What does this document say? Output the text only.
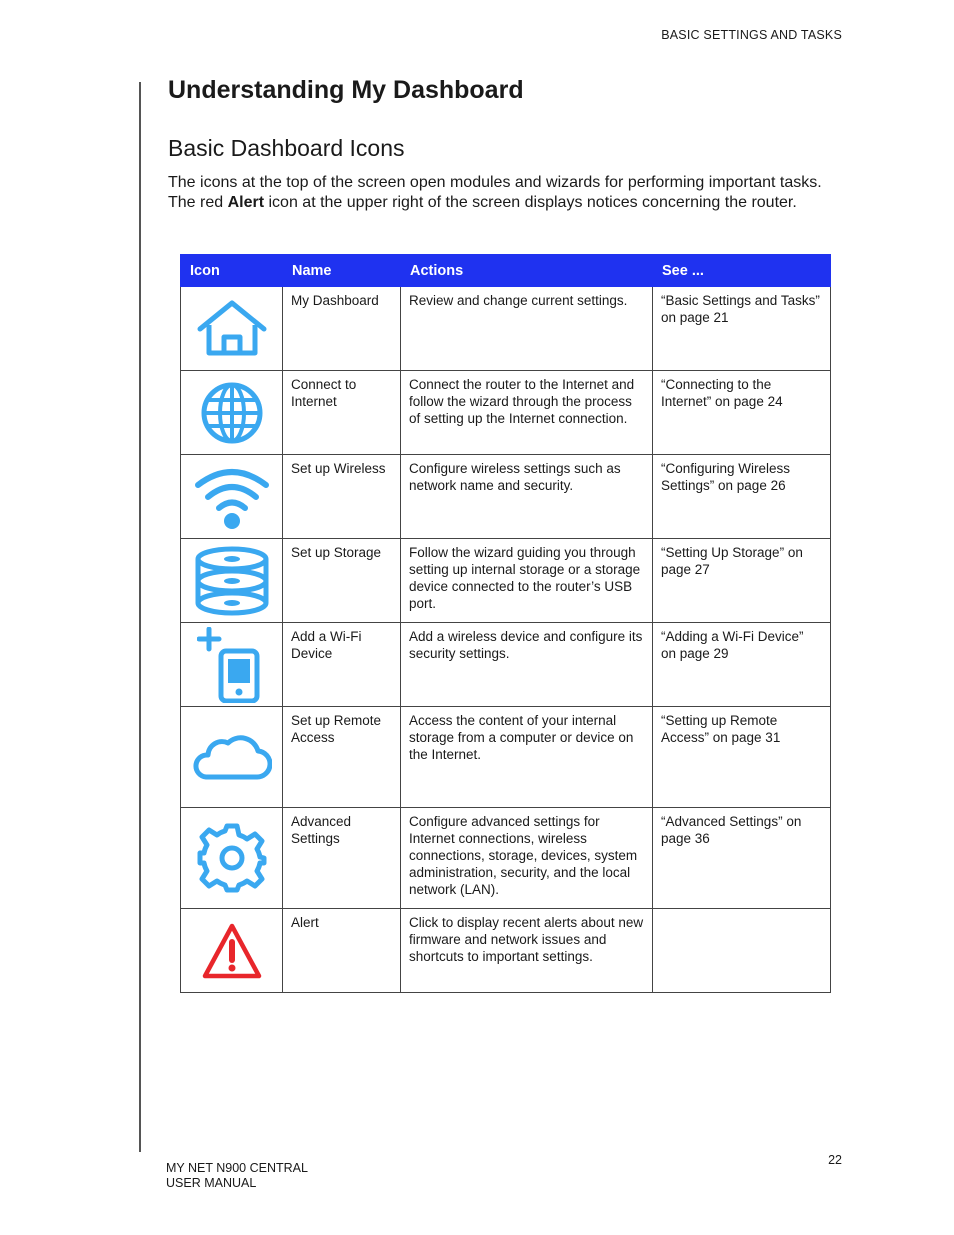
BASIC SETTINGS AND TASKS
Understanding My Dashboard
Basic Dashboard Icons

The icons at the top of the screen open modules and wizards for performing important tasks. The red Alert icon at the upper right of the screen displays notices concerning the router.

Icon	Name	Actions	See ...

	My Dashboard	Review and change current settings.	“Basic Settings and Tasks” on page 21

	Connect to Internet	Connect the router to the Internet and follow the wizard through the process of setting up the Internet connection.	“Connecting to the Internet” on page 24

	Set up Wireless	Configure wireless settings such as network name and security.	“Configuring Wireless Settings” on page 26

	Set up Storage	Follow the wizard guiding you through setting up internal storage or a storage device connected to the router’s USB port.	“Setting Up Storage” on page 27

	Add a Wi-Fi Device	Add a wireless device and configure its security settings.	“Adding a Wi-Fi Device” on page 29

	Set up Remote Access	Access the content of your internal storage from a computer or device on the Internet.	“Setting up Remote Access” on page 31

	Advanced Settings	Configure advanced settings for Internet connections, wireless connections, storage, devices, system administration, security, and the local network (LAN).	“Advanced Settings” on page 36

	Alert	Click to display recent alerts about new firmware and network issues and shortcuts to important settings.	
MY NET N900 CENTRAL
USER MANUAL
22
